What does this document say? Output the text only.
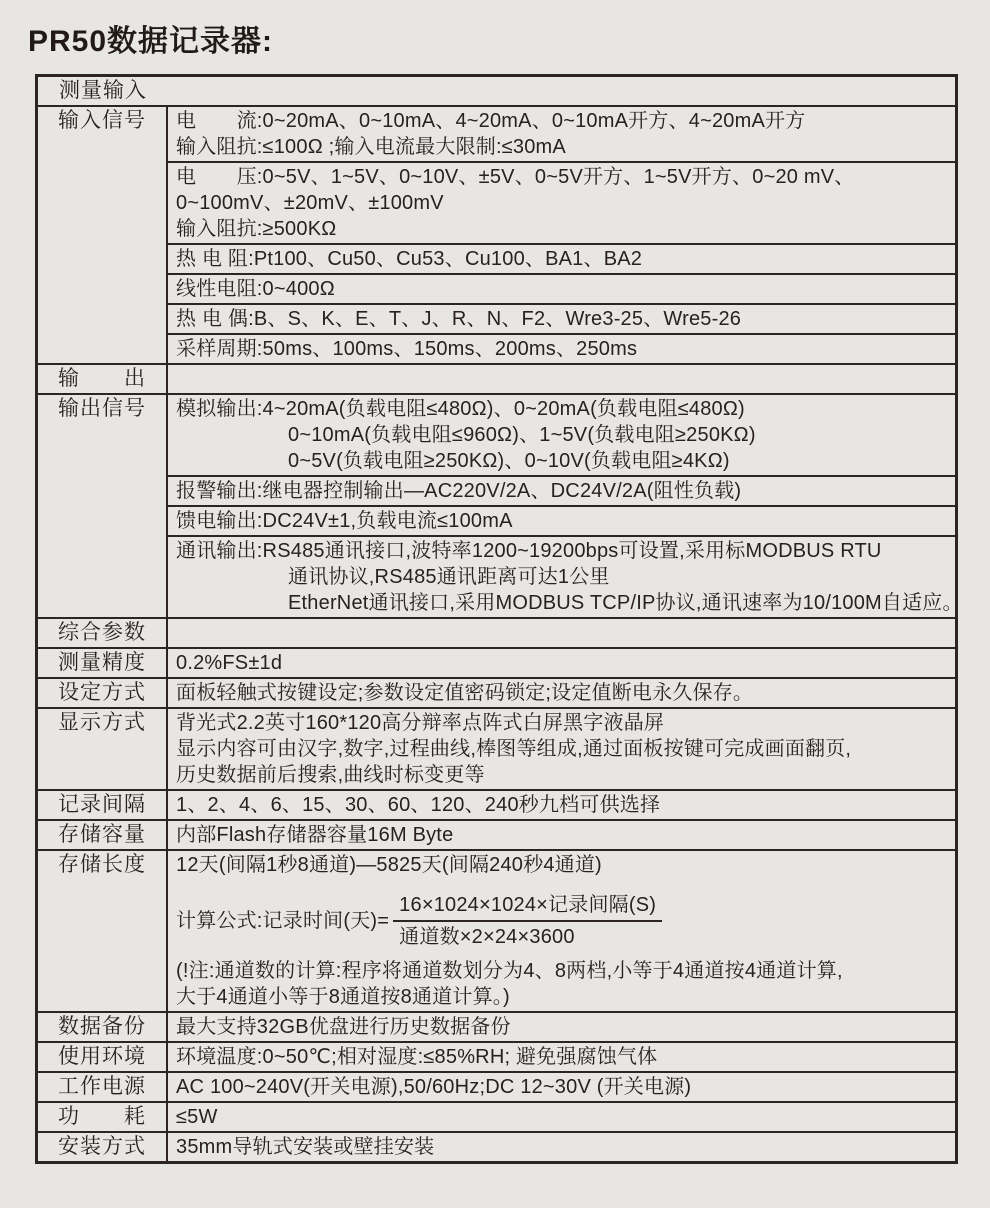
PR50数据记录器:
测量输入
输入信号	电　　流:0~20mA、0~10mA、4~20mA、0~10mA开方、4~20mA开方
输入阻抗:≤100Ω ;输入电流最大限制:≤30mA
电　　压:0~5V、1~5V、0~10V、±5V、0~5V开方、1~5V开方、0~20 mV、
0~100mV、±20mV、±100mV
输入阻抗:≥500KΩ
热 电 阻:Pt100、Cu50、Cu53、Cu100、BA1、BA2
线性电阻:0~400Ω
热 电 偶:B、S、K、E、T、J、R、N、F2、Wre3-25、Wre5-26
采样周期:50ms、100ms、150ms、200ms、250ms
输　　出
输出信号	模拟输出:4~20mA(负载电阻≤480Ω)、0~20mA(负载电阻≤480Ω)
0~10mA(负载电阻≤960Ω)、1~5V(负载电阻≥250KΩ)
0~5V(负载电阻≥250KΩ)、0~10V(负载电阻≥4KΩ)
报警输出:继电器控制输出—AC220V/2A、DC24V/2A(阻性负载)
馈电输出:DC24V±1,负载电流≤100mA
通讯输出:RS485通讯接口,波特率1200~19200bps可设置,采用标MODBUS RTU
通讯协议,RS485通讯距离可达1公里
EtherNet通讯接口,采用MODBUS TCP/IP协议,通讯速率为10/100M自适应。
综合参数
测量精度	0.2%FS±1d
设定方式	面板轻触式按键设定;参数设定值密码锁定;设定值断电永久保存。
显示方式	背光式2.2英寸160*120高分辩率点阵式白屏黑字液晶屏
显示内容可由汉字,数字,过程曲线,棒图等组成,通过面板按键可完成画面翻页,
历史数据前后搜索,曲线时标变更等
记录间隔	1、2、4、6、15、30、60、120、240秒九档可供选择
存储容量	内部Flash存储器容量16M Byte
存储长度	12天(间隔1秒8通道)—5825天(间隔240秒4通道)
计算公式:记录时间(天)= $\frac{\text{16×1024×1024×记录间隔(S)}}{\text{通道数×2×24×3600}}$
(!注:通道数的计算:程序将通道数划分为4、8两档,小等于4通道按4通道计算,
大于4通道小等于8通道按8通道计算。)
数据备份	最大支持32GB优盘进行历史数据备份
使用环境	环境温度:0~50℃;相对湿度:≤85%RH; 避免强腐蚀气体
工作电源	AC 100~240V(开关电源),50/60Hz;DC 12~30V (开关电源)
功　　耗	≤5W
安装方式	35mm导轨式安装或壁挂安装
